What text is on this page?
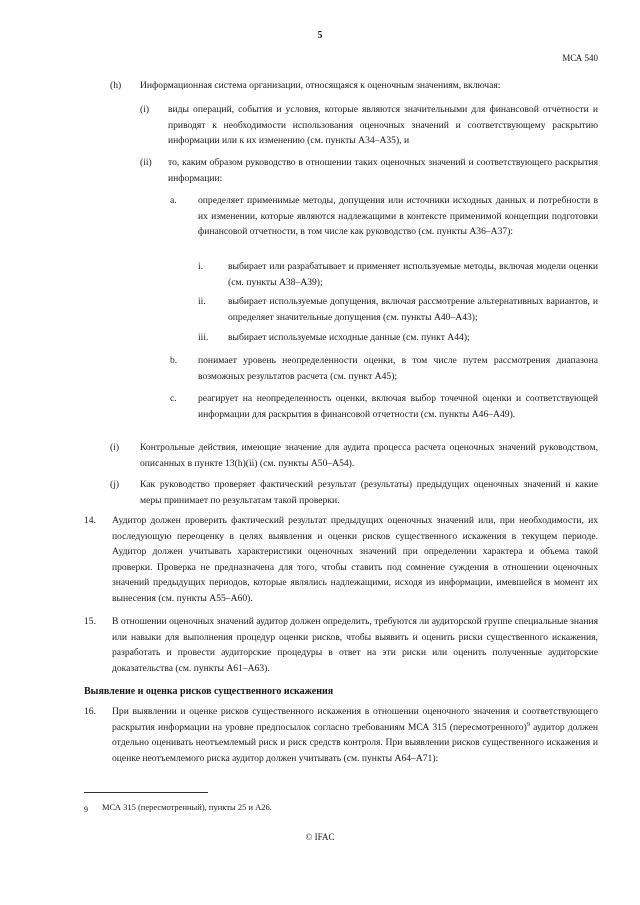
5
МСА 540
(h) Информационная система организации, относящаяся к оценочным значениям, включая:
(i) виды операций, события и условия, которые являются значительными для финансовой отчетности и приводят к необходимости использования оценочных значений и соответствующему раскрытию информации или к их изменению (см. пункты A34–A35), и
(ii) то, каким образом руководство в отношении таких оценочных значений и соответствующего раскрытия информации:
a. определяет применимые методы, допущения или источники исходных данных и потребности в их изменении, которые являются надлежащими в контексте применимой концепции подготовки финансовой отчетности, в том числе как руководство (см. пункты A36–A37):
i.	выбирает или разрабатывает и применяет используемые методы, включая модели оценки (см. пункты A38–A39);
ii. выбирает используемые допущения, включая рассмотрение альтернативных вариантов, и определяет значительные допущения (см. пункты A40–A43);
iii. выбирает используемые исходные данные (см. пункт A44);
b. понимает уровень неопределенности оценки, в том числе путем рассмотрения диапазона возможных результатов расчета (см. пункт A45);
c. реагирует на неопределенность оценки, включая выбор точечной оценки и соответствующей информации для раскрытия в финансовой отчетности (см. пункты A46–A49).
(i) Контрольные действия, имеющие значение для аудита процесса расчета оценочных значений руководством, описанных в пункте 13(h)(ii) (см. пункты A50–A54).
(j) Как руководство проверяет фактический результат (результаты) предыдущих оценочных значений и какие меры принимает по результатам такой проверки.
14. Аудитор должен проверить фактический результат предыдущих оценочных значений или, при необходимости, их последующую переоценку в целях выявления и оценки рисков существенного искажения в текущем периоде. Аудитор должен учитывать характеристики оценочных значений при определении характера и объема такой проверки. Проверка не предназначена для того, чтобы ставить под сомнение суждения в отношении оценочных значений предыдущих периодов, которые являлись надлежащими, исходя из информации, имевшейся в момент их вынесения (см. пункты A55–A60).
15. В отношении оценочных значений аудитор должен определить, требуются ли аудиторской группе специальные знания или навыки для выполнения процедур оценки рисков, чтобы выявить и оценить риски существенного искажения, разработать и провести аудиторские процедуры в ответ на эти риски или оценить полученные аудиторские доказательства (см. пункты A61–A63).
Выявление и оценка рисков существенного искажения
16. При выявлении и оценке рисков существенного искажения в отношении оценочного значения и соответствующего раскрытия информации на уровне предпосылок согласно требованиям МСА 315 (пересмотренного)$^9$ аудитор должен отдельно оценивать неотъемлемый риск и риск средств контроля. При выявлении рисков существенного искажения и оценке неотъемлемого риска аудитор должен учитывать (см. пункты A64–A71):
9 МСА 315 (пересмотренный), пункты 25 и A26.
© IFAC
